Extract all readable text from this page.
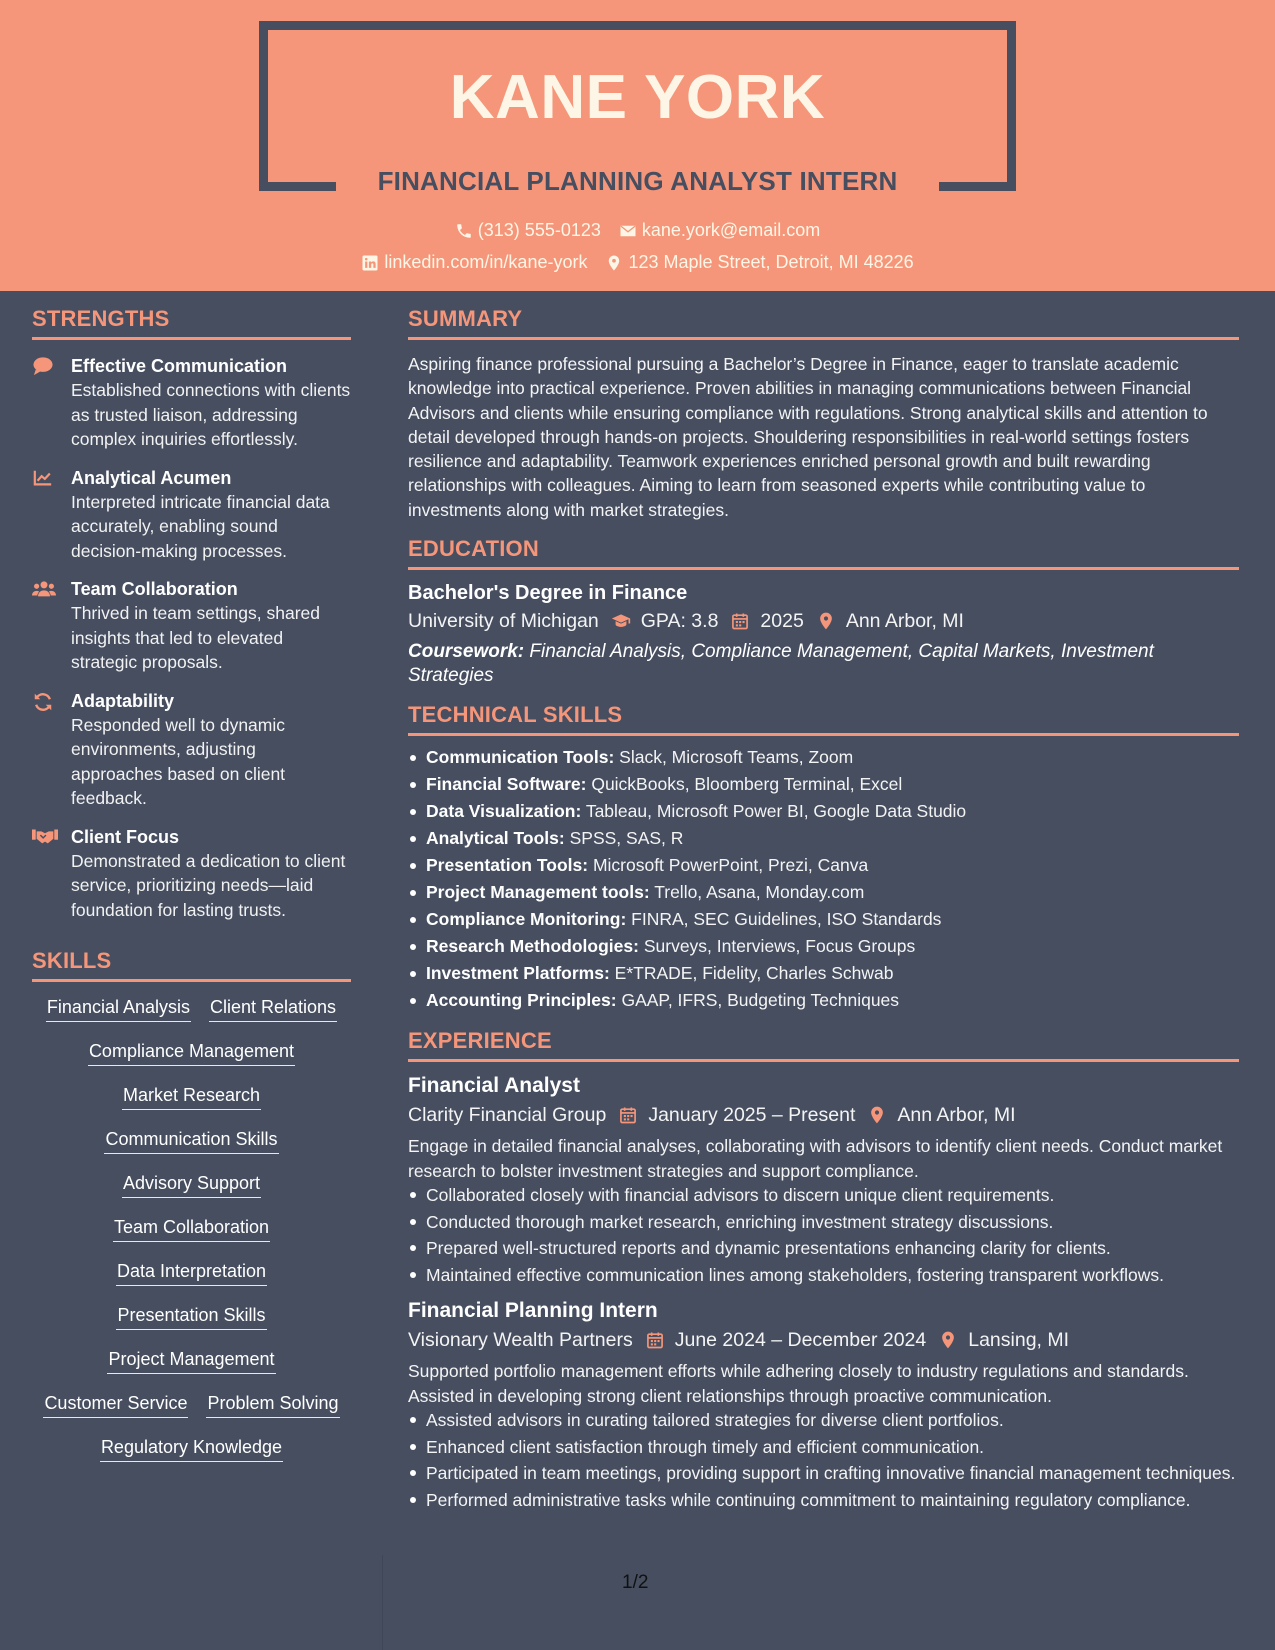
KANE YORK
FINANCIAL PLANNING ANALYST INTERN
(313) 555-0123 kane.york@email.com
linkedin.com/in/kane-york 123 Maple Street, Detroit, MI 48226
STRENGTHS
Effective Communication
Established connections with clients as trusted liaison, addressing complex inquiries effortlessly.
Analytical Acumen
Interpreted intricate financial data accurately, enabling sound decision-making processes.
Team Collaboration
Thrived in team settings, shared insights that led to elevated strategic proposals.
Adaptability
Responded well to dynamic environments, adjusting approaches based on client feedback.
Client Focus
Demonstrated a dedication to client service, prioritizing needs—laid foundation for lasting trusts.
SKILLS
Financial Analysis Client Relations
Compliance Management
Market Research
Communication Skills
Advisory Support
Team Collaboration
Data Interpretation
Presentation Skills
Project Management
Customer Service Problem Solving
Regulatory Knowledge
SUMMARY
Aspiring finance professional pursuing a Bachelor’s Degree in Finance, eager to translate academic knowledge into practical experience. Proven abilities in managing communications between Financial Advisors and clients while ensuring compliance with regulations. Strong analytical skills and attention to detail developed through hands-on projects. Shouldering responsibilities in real-world settings fosters resilience and adaptability. Teamwork experiences enriched personal growth and built rewarding relationships with colleagues. Aiming to learn from seasoned experts while contributing value to investments along with market strategies.
EDUCATION
Bachelor's Degree in Finance
University of Michigan GPA: 3.8 2025 Ann Arbor, MI
Coursework: Financial Analysis, Compliance Management, Capital Markets, Investment Strategies
TECHNICAL SKILLS
Communication Tools: Slack, Microsoft Teams, Zoom
Financial Software: QuickBooks, Bloomberg Terminal, Excel
Data Visualization: Tableau, Microsoft Power BI, Google Data Studio
Analytical Tools: SPSS, SAS, R
Presentation Tools: Microsoft PowerPoint, Prezi, Canva
Project Management tools: Trello, Asana, Monday.com
Compliance Monitoring: FINRA, SEC Guidelines, ISO Standards
Research Methodologies: Surveys, Interviews, Focus Groups
Investment Platforms: E*TRADE, Fidelity, Charles Schwab
Accounting Principles: GAAP, IFRS, Budgeting Techniques
EXPERIENCE
Financial Analyst
Clarity Financial Group January 2025 – Present Ann Arbor, MI
Engage in detailed financial analyses, collaborating with advisors to identify client needs. Conduct market research to bolster investment strategies and support compliance.
Collaborated closely with financial advisors to discern unique client requirements.
Conducted thorough market research, enriching investment strategy discussions.
Prepared well-structured reports and dynamic presentations enhancing clarity for clients.
Maintained effective communication lines among stakeholders, fostering transparent workflows.
Financial Planning Intern
Visionary Wealth Partners June 2024 – December 2024 Lansing, MI
Supported portfolio management efforts while adhering closely to industry regulations and standards. Assisted in developing strong client relationships through proactive communication.
Assisted advisors in curating tailored strategies for diverse client portfolios.
Enhanced client satisfaction through timely and efficient communication.
Participated in team meetings, providing support in crafting innovative financial management techniques.
Performed administrative tasks while continuing commitment to maintaining regulatory compliance.
1/2
